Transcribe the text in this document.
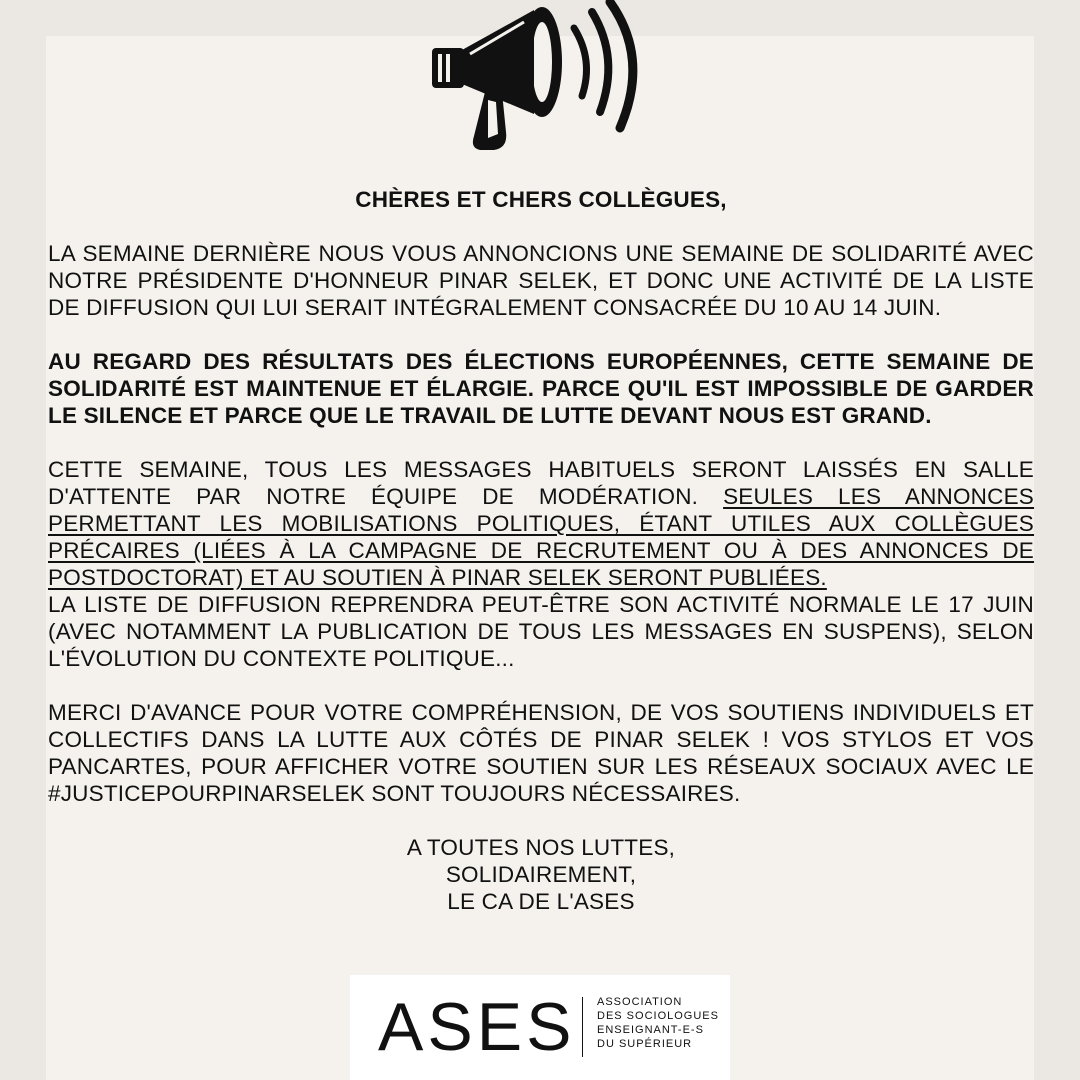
CHÈRES ET CHERS COLLÈGUES,

LA SEMAINE DERNIÈRE NOUS VOUS ANNONCIONS UNE SEMAINE DE SOLIDARITÉ AVEC NOTRE PRÉSIDENTE D'HONNEUR PINAR SELEK, ET DONC UNE ACTIVITÉ DE LA LISTE DE DIFFUSION QUI LUI SERAIT INTÉGRALEMENT CONSACRÉE DU 10 AU 14 JUIN.

AU REGARD DES RÉSULTATS DES ÉLECTIONS EUROPÉENNES, CETTE SEMAINE DE SOLIDARITÉ EST MAINTENUE ET ÉLARGIE. PARCE QU'IL EST IMPOSSIBLE DE GARDER LE SILENCE ET PARCE QUE LE TRAVAIL DE LUTTE DEVANT NOUS EST GRAND.

CETTE SEMAINE, TOUS LES MESSAGES HABITUELS SERONT LAISSÉS EN SALLE D'ATTENTE PAR NOTRE ÉQUIPE DE MODÉRATION. SEULES LES ANNONCES PERMETTANT LES MOBILISATIONS POLITIQUES, ÉTANT UTILES AUX COLLÈGUES PRÉCAIRES (LIÉES À LA CAMPAGNE DE RECRUTEMENT OU À DES ANNONCES DE POSTDOCTORAT) ET AU SOUTIEN À PINAR SELEK SERONT PUBLIÉES.

LA LISTE DE DIFFUSION REPRENDRA PEUT-ÊTRE SON ACTIVITÉ NORMALE LE 17 JUIN (AVEC NOTAMMENT LA PUBLICATION DE TOUS LES MESSAGES EN SUSPENS), SELON L'ÉVOLUTION DU CONTEXTE POLITIQUE...

MERCI D'AVANCE POUR VOTRE COMPRÉHENSION, DE VOS SOUTIENS INDIVIDUELS ET COLLECTIFS DANS LA LUTTE AUX CÔTÉS DE PINAR SELEK ! VOS STYLOS ET VOS PANCARTES, POUR AFFICHER VOTRE SOUTIEN SUR LES RÉSEAUX SOCIAUX AVEC LE #JUSTICEPOURPINARSELEK SONT TOUJOURS NÉCESSAIRES.

A TOUTES NOS LUTTES,
SOLIDAIREMENT,
LE CA DE L'ASES
ASES ASSOCIATION
DES SOCIOLOGUES
ENSEIGNANT-E-S
DU SUPÉRIEUR
